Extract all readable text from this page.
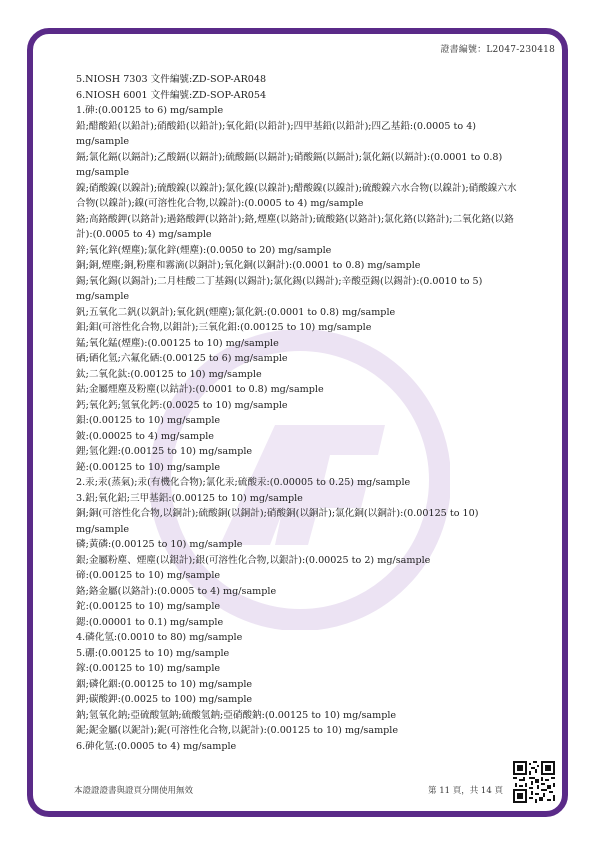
證書編號：L2047-230418
5.NIOSH 7303 文件編號:ZD-SOP-AR048
6.NIOSH 6001 文件編號:ZD-SOP-AR054
1.砷:(0.00125 to 6) mg/sample
鉛;醋酸鉛(以鉛計);硝酸鉛(以鉛計);氧化鉛(以鉛計);四甲基鉛(以鉛計);四乙基鉛:(0.0005 to 4) mg/sample
鎘;氯化鎘(以鎘計);乙酸鎘(以鎘計);硫酸鎘(以鎘計);硝酸鎘(以鎘計);氯化鎘(以鎘計):(0.0001 to 0.8) mg/sample
鎳;硝酸鎳(以鎳計);硫酸鎳(以鎳計);氯化鎳(以鎳計);醋酸鎳(以鎳計);硫酸鎳六水合物(以鎳計);硝酸鎳六水合物(以鎳計);鎳(可溶性化合物,以鎳計):(0.0005 to 4) mg/sample
鉻;高鉻酸鉀(以鉻計);過鉻酸鉀(以鉻計);鉻,煙塵(以鉻計);硫酸鉻(以鉻計);氯化鉻(以鉻計);二氧化鉻(以鉻計):(0.0005 to 4) mg/sample
鋅;氧化鋅(煙塵);氯化鋅(煙塵):(0.0050 to 20) mg/sample
銅;銅,煙塵;銅,粉塵和霧滴(以銅計);氧化銅(以銅計):(0.0001 to 0.8) mg/sample
錫;氧化錫(以錫計);二月桂酸二丁基錫(以錫計);氯化錫(以錫計);辛酸亞錫(以錫計):(0.0010 to 5) mg/sample
釩;五氧化二釩(以釩計);氧化釩(煙塵);氯化釩:(0.0001 to 0.8) mg/sample
鉬;鉬(可溶性化合物,以鉬計);三氧化鉬:(0.00125 to 10) mg/sample
錳;氧化錳(煙塵):(0.00125 to 10) mg/sample
硒;硒化氫;六氟化硒:(0.00125 to 6) mg/sample
鈦;二氧化鈦:(0.00125 to 10) mg/sample
鈷;金屬煙塵及粉塵(以鈷計):(0.0001 to 0.8) mg/sample
鈣;氧化鈣;氫氧化鈣:(0.0025 to 10) mg/sample
鋇:(0.00125 to 10) mg/sample
鈹:(0.00025 to 4) mg/sample
鋰;氫化鋰:(0.00125 to 10) mg/sample
鉍:(0.00125 to 10) mg/sample
2.汞;汞(蒸氣);汞(有機化合物);氯化汞;硫酸汞:(0.00005 to 0.25) mg/sample
3.鋁;氧化鋁;三甲基鋁:(0.00125 to 10) mg/sample
銅;銅(可溶性化合物,以銅計);硫酸銅(以銅計);硝酸銅(以銅計);氯化銅(以銅計):(0.00125 to 10) mg/sample
磷;黃磷:(0.00125 to 10) mg/sample
銀;金屬粉塵、煙塵(以銀計);銀(可溶性化合物,以銀計):(0.00025 to 2) mg/sample
碲:(0.00125 to 10) mg/sample
鉻;鉻金屬(以鉻計):(0.0005 to 4) mg/sample
鉈:(0.00125 to 10) mg/sample
鍶:(0.00001 to 0.1) mg/sample
4.磷化氫:(0.0010 to 80) mg/sample
5.硼:(0.00125 to 10) mg/sample
鎵:(0.00125 to 10) mg/sample
銦;磷化銦:(0.00125 to 10) mg/sample
鉀;碳酸鉀:(0.0025 to 100) mg/sample
鈉;氫氧化鈉;亞硫酸氫鈉;硫酸氫鈉;亞硝酸鈉:(0.00125 to 10) mg/sample
鈮;鈮金屬(以鈮計);鈮(可溶性化合物,以鈮計):(0.00125 to 10) mg/sample
6.砷化氫:(0.0005 to 4) mg/sample
本證證證書與證頁分開使用無效	第 11 頁，共 14 頁
